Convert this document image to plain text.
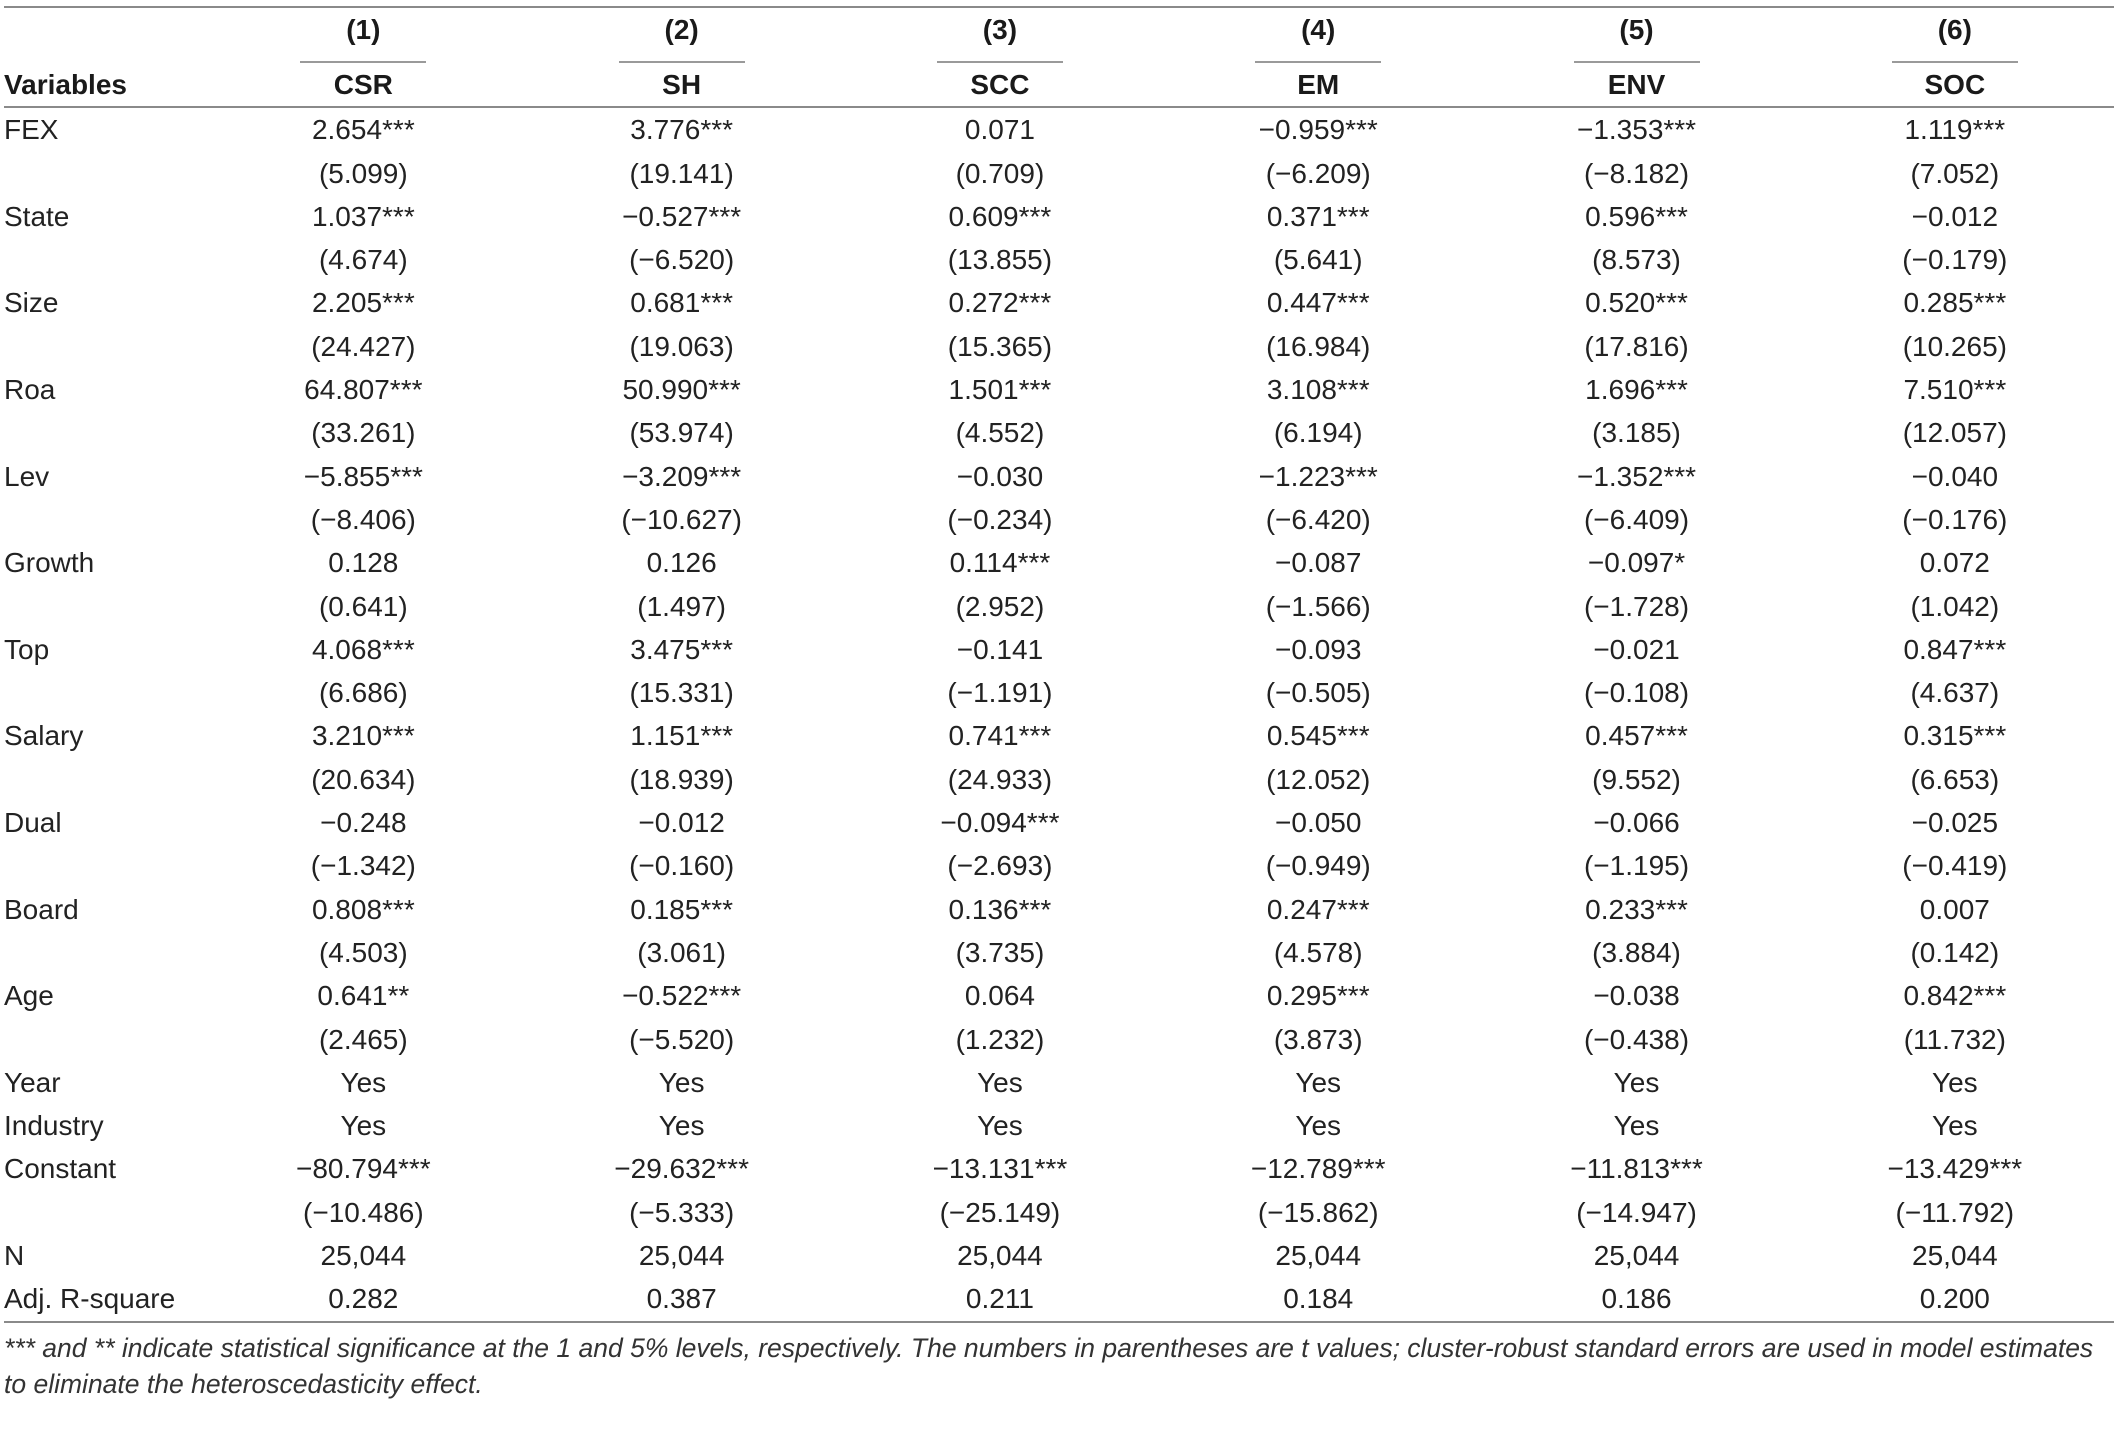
	(1)	(2)	(3)	(4)	(5)	(6)
Variables	CSR	SH	SCC	EM	ENV	SOC
FEX	2.654***	3.776***	0.071	−0.959***	−1.353***	1.119***
	(5.099)	(19.141)	(0.709)	(−6.209)	(−8.182)	(7.052)
State	1.037***	−0.527***	0.609***	0.371***	0.596***	−0.012
	(4.674)	(−6.520)	(13.855)	(5.641)	(8.573)	(−0.179)
Size	2.205***	0.681***	0.272***	0.447***	0.520***	0.285***
	(24.427)	(19.063)	(15.365)	(16.984)	(17.816)	(10.265)
Roa	64.807***	50.990***	1.501***	3.108***	1.696***	7.510***
	(33.261)	(53.974)	(4.552)	(6.194)	(3.185)	(12.057)
Lev	−5.855***	−3.209***	−0.030	−1.223***	−1.352***	−0.040
	(−8.406)	(−10.627)	(−0.234)	(−6.420)	(−6.409)	(−0.176)
Growth	0.128	0.126	0.114***	−0.087	−0.097*	0.072
	(0.641)	(1.497)	(2.952)	(−1.566)	(−1.728)	(1.042)
Top	4.068***	3.475***	−0.141	−0.093	−0.021	0.847***
	(6.686)	(15.331)	(−1.191)	(−0.505)	(−0.108)	(4.637)
Salary	3.210***	1.151***	0.741***	0.545***	0.457***	0.315***
	(20.634)	(18.939)	(24.933)	(12.052)	(9.552)	(6.653)
Dual	−0.248	−0.012	−0.094***	−0.050	−0.066	−0.025
	(−1.342)	(−0.160)	(−2.693)	(−0.949)	(−1.195)	(−0.419)
Board	0.808***	0.185***	0.136***	0.247***	0.233***	0.007
	(4.503)	(3.061)	(3.735)	(4.578)	(3.884)	(0.142)
Age	0.641**	−0.522***	0.064	0.295***	−0.038	0.842***
	(2.465)	(−5.520)	(1.232)	(3.873)	(−0.438)	(11.732)
Year	Yes	Yes	Yes	Yes	Yes	Yes
Industry	Yes	Yes	Yes	Yes	Yes	Yes
Constant	−80.794***	−29.632***	−13.131***	−12.789***	−11.813***	−13.429***
	(−10.486)	(−5.333)	(−25.149)	(−15.862)	(−14.947)	(−11.792)
N	25,044	25,044	25,044	25,044	25,044	25,044
Adj. R-square	0.282	0.387	0.211	0.184	0.186	0.200
*** and ** indicate statistical significance at the 1 and 5% levels, respectively. The numbers in parentheses are t values; cluster-robust standard errors are used in model estimates to eliminate the heteroscedasticity effect.
